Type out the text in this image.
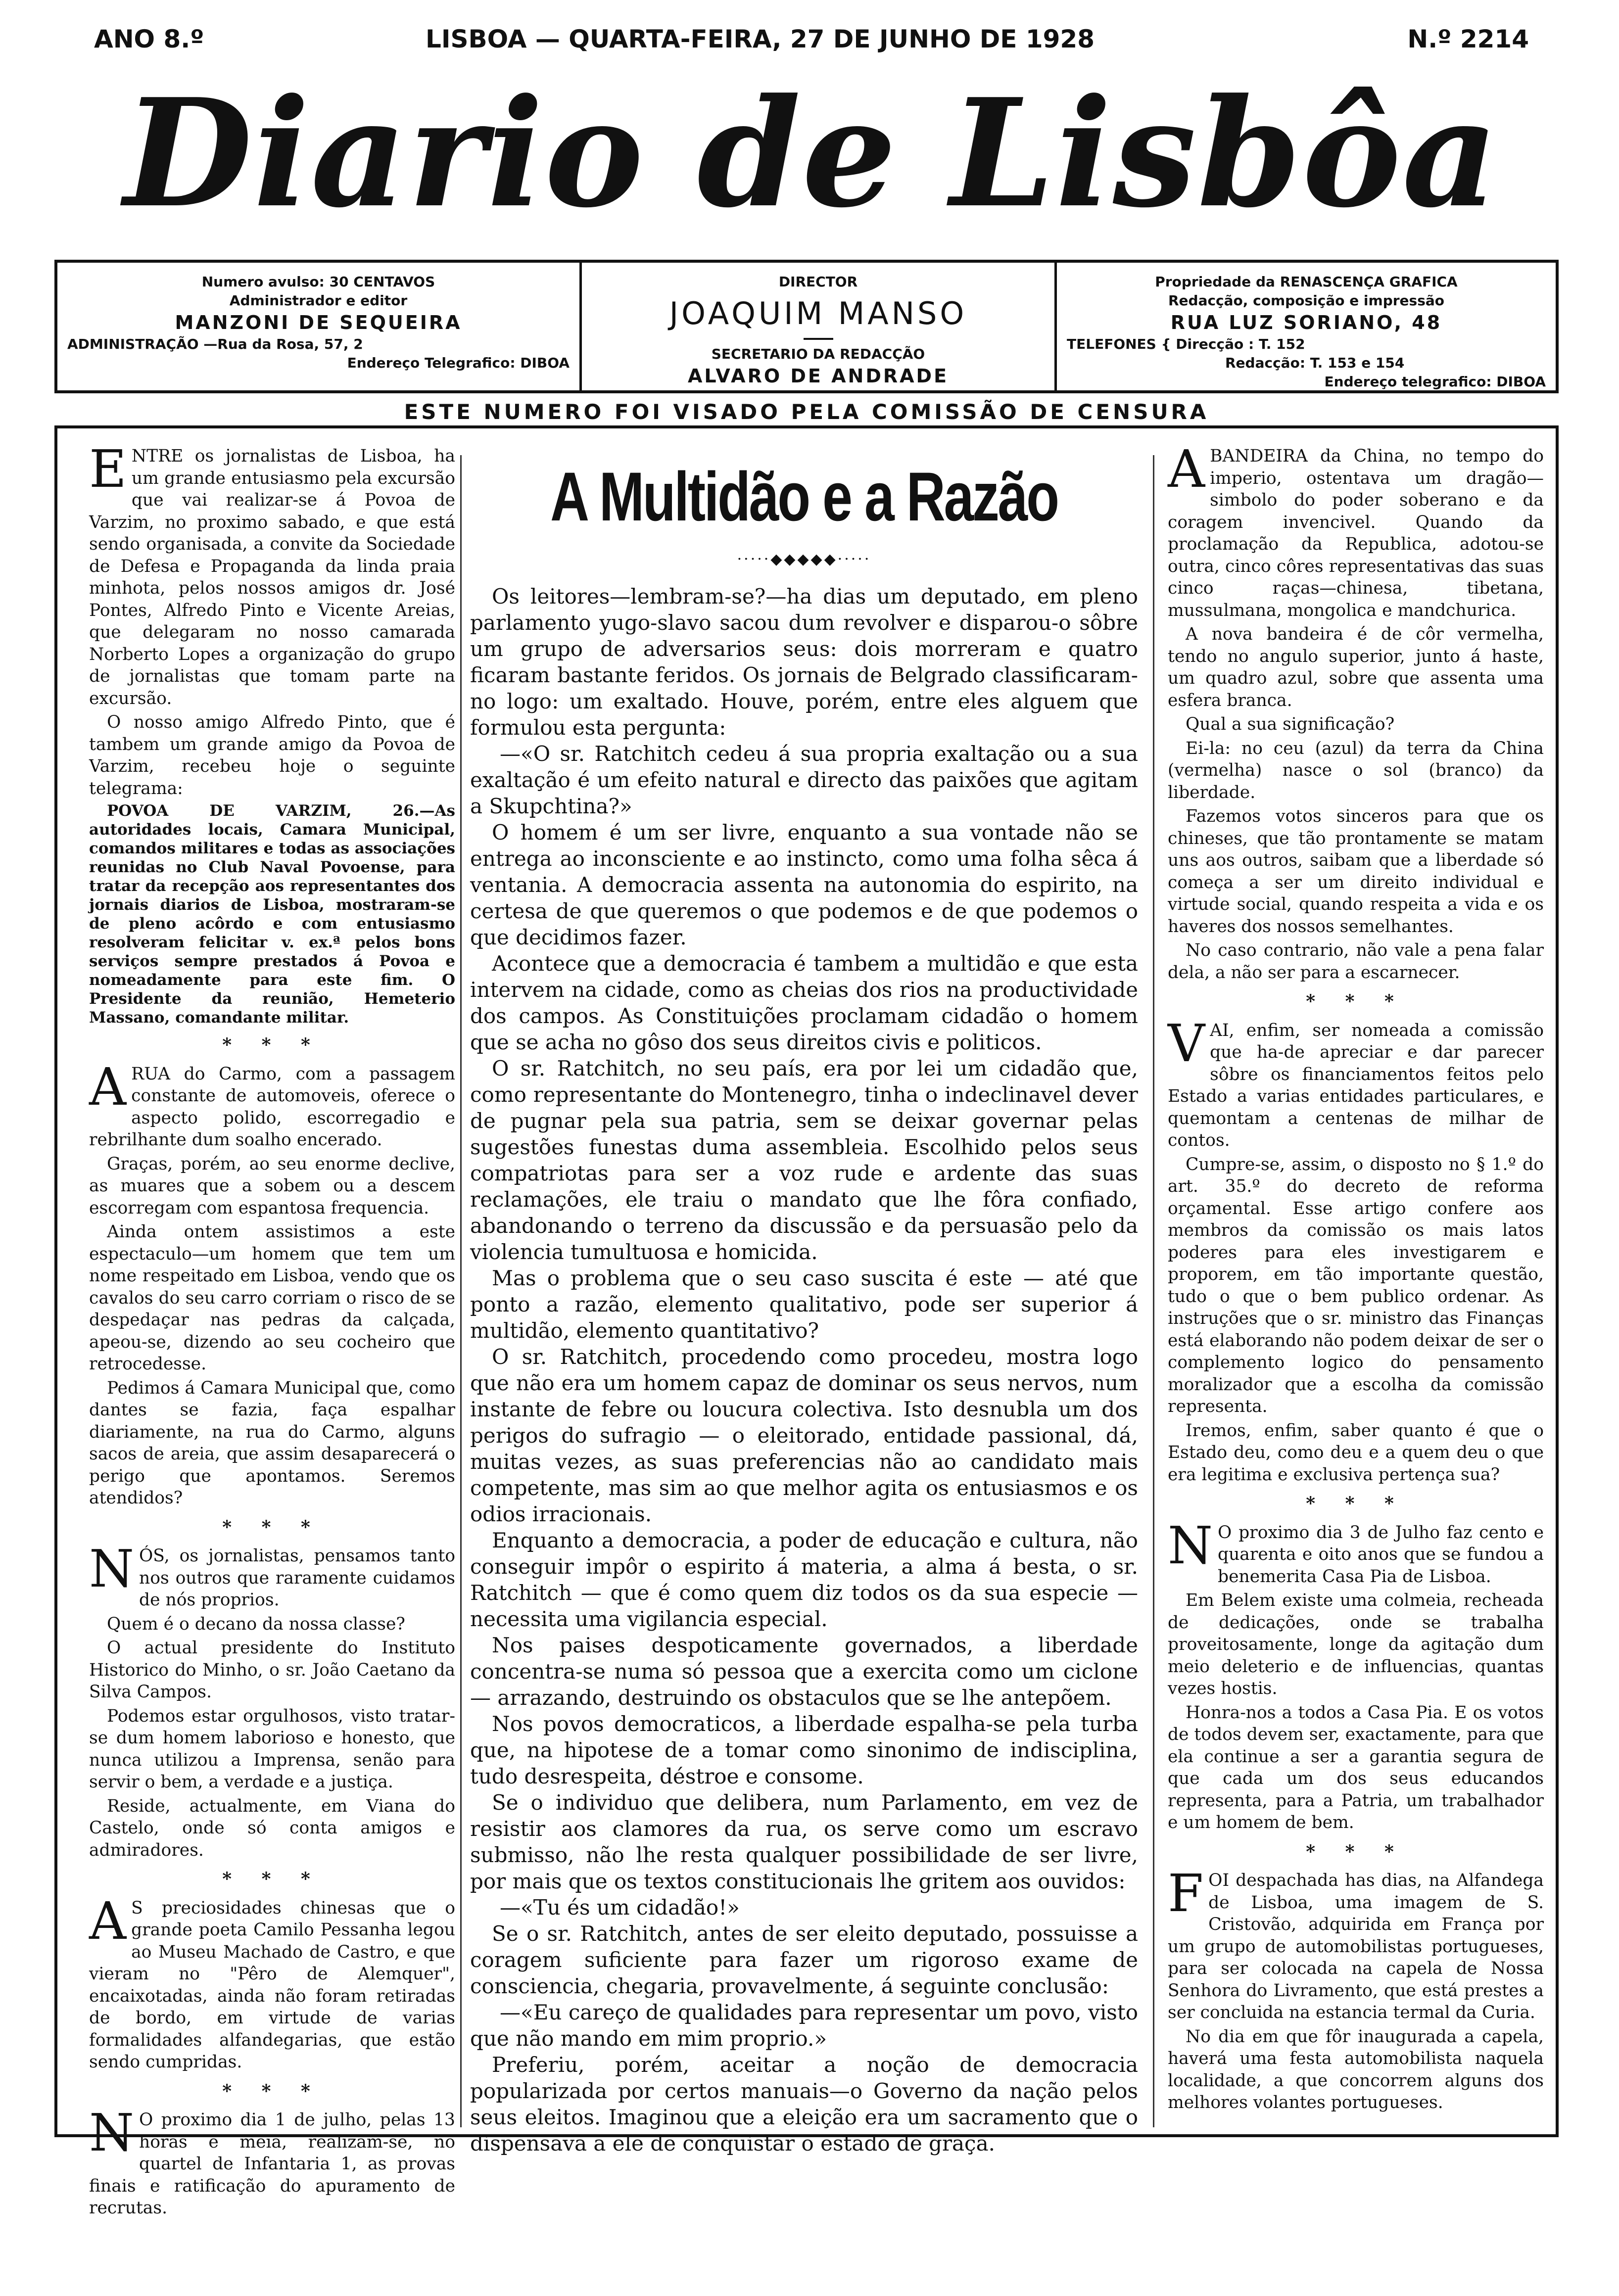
ANO 8.º	LISBOA — QUARTA-FEIRA, 27 DE JUNHO DE 1928	N.º 2214
Diario de Lisbôa
Numero avulso: 30 CENTAVOS
Administrador e editor
MANZONI DE SEQUEIRA
ADMINISTRAÇÃO —Rua da Rosa, 57, 2
Endereço Telegrafico: DIBOA
DIRECTOR
JOAQUIM MANSO
SECRETARIO DA REDACÇÃO
ALVARO DE ANDRADE
Propriedade da RENASCENÇA GRAFICA
Redacção, composição e impressão
RUA LUZ SORIANO, 48
TELEFONES { Direcção : T. 152
Redacção: T. 153 e 154
Endereço telegrafico: DIBOA
ESTE NUMERO FOI VISADO PELA COMISSÃO DE CENSURA

ENTRE os jornalistas de Lisboa, ha um grande entusiasmo pela excursão que vai realizar-se á Povoa de Varzim, no proximo sabado, e que está sendo organisada, a convite da Sociedade de Defesa e Propaganda da linda praia minhota, pelos nossos amigos dr. José Pontes, Alfredo Pinto e Vicente Areias, que delegaram no nosso camarada Norberto Lopes a organização do grupo de jornalistas que tomam parte na excursão.

O nosso amigo Alfredo Pinto, que é tambem um grande amigo da Povoa de Varzim, recebeu hoje o seguinte telegrama:

POVOA DE VARZIM, 26.—As autoridades locais, Camara Municipal, comandos militares e todas as associações reunidas no Club Naval Povoense, para tratar da recepção aos representantes dos jornais diarios de Lisboa, mostraram-se de pleno acôrdo e com entusiasmo resolveram felicitar v. ex.ª pelos bons serviços sempre prestados á Povoa e nomeadamente para este fim. O Presidente da reunião, Hemeterio Massano, comandante militar.

* * *

ARUA do Carmo, com a passagem constante de automoveis, oferece o aspecto polido, escorregadio e rebrilhante dum soalho encerado.

Graças, porém, ao seu enorme declive, as muares que a sobem ou a descem escorregam com espantosa frequencia.

Ainda ontem assistimos a este espectaculo—um homem que tem um nome respeitado em Lisboa, vendo que os cavalos do seu carro corriam o risco de se despedaçar nas pedras da calçada, apeou-se, dizendo ao seu cocheiro que retrocedesse.

Pedimos á Camara Municipal que, como dantes se fazia, faça espalhar diariamente, na rua do Carmo, alguns sacos de areia, que assim desaparecerá o perigo que apontamos. Seremos atendidos?

* * *

NÓS, os jornalistas, pensamos tanto nos outros que raramente cuidamos de nós proprios.

Quem é o decano da nossa classe?

O actual presidente do Instituto Historico do Minho, o sr. João Caetano da Silva Campos.

Podemos estar orgulhosos, visto tratar-se dum homem laborioso e honesto, que nunca utilizou a Imprensa, senão para servir o bem, a verdade e a justiça.

Reside, actualmente, em Viana do Castelo, onde só conta amigos e admiradores.

* * *

A S preciosidades chinesas que o grande poeta Camilo Pessanha legou ao Museu Machado de Castro, e que vieram no "Pêro de Alemquer", encaixotadas, ainda não foram retiradas de bordo, em virtude de varias formalidades alfandegarias, que estão sendo cumpridas.

* * *

N O proximo dia 1 de julho, pelas 13 horas e meia, realizam-se, no quartel de Infantaria 1, as provas finais e ratificação do apuramento de recrutas.

A Multidão e a Razão
·····◆◆◆◆◆·····

Os leitores—lembram-se?—ha dias um deputado, em pleno parlamento yugo-slavo sacou dum revolver e disparou-o sôbre um grupo de adversarios seus: dois morreram e quatro ficaram bastante feridos. Os jornais de Belgrado classificaram-no logo: um exaltado. Houve, porém, entre eles alguem que formulou esta pergunta:

—«O sr. Ratchitch cedeu á sua propria exaltação ou a sua exaltação é um efeito natural e directo das paixões que agitam a Skupchtina?»

O homem é um ser livre, enquanto a sua vontade não se entrega ao inconsciente e ao instincto, como uma folha sêca á ventania. A democracia assenta na autonomia do espirito, na certesa de que queremos o que podemos e de que podemos o que decidimos fazer.

Acontece que a democracia é tambem a multidão e que esta intervem na cidade, como as cheias dos rios na productividade dos campos. As Constituições proclamam cidadão o homem que se acha no gôso dos seus direitos civis e politicos.

O sr. Ratchitch, no seu país, era por lei um cidadão que, como representante do Montenegro, tinha o indeclinavel dever de pugnar pela sua patria, sem se deixar governar pelas sugestões funestas duma assembleia. Escolhido pelos seus compatriotas para ser a voz rude e ardente das suas reclamações, ele traiu o mandato que lhe fôra confiado, abandonando o terreno da discussão e da persuasão pelo da violencia tumultuosa e homicida.

Mas o problema que o seu caso suscita é este — até que ponto a razão, elemento qualitativo, pode ser superior á multidão, elemento quantitativo?

O sr. Ratchitch, procedendo como procedeu, mostra logo que não era um homem capaz de dominar os seus nervos, num instante de febre ou loucura colectiva. Isto desnubla um dos perigos do sufragio — o eleitorado, entidade passional, dá, muitas vezes, as suas preferencias não ao candidato mais competente, mas sim ao que melhor agita os entusiasmos e os odios irracionais.

Enquanto a democracia, a poder de educação e cultura, não conseguir impôr o espirito á materia, a alma á besta, o sr. Ratchitch — que é como quem diz todos os da sua especie — necessita uma vigilancia especial.

Nos paises despoticamente governados, a liberdade concentra-se numa só pessoa que a exercita como um ciclone — arrazando, destruindo os obstaculos que se lhe antepõem.

Nos povos democraticos, a liberdade espalha-se pela turba que, na hipotese de a tomar como sinonimo de indisciplina, tudo desrespeita, déstroe e consome.

Se o individuo que delibera, num Parlamento, em vez de resistir aos clamores da rua, os serve como um escravo submisso, não lhe resta qualquer possibilidade de ser livre, por mais que os textos constitucionais lhe gritem aos ouvidos:

—«Tu és um cidadão!»

Se o sr. Ratchitch, antes de ser eleito deputado, possuisse a coragem suficiente para fazer um rigoroso exame de consciencia, chegaria, provavelmente, á seguinte conclusão:

—«Eu careço de qualidades para representar um povo, visto que não mando em mim proprio.»

Preferiu, porém, aceitar a noção de democracia popularizada por certos manuais—o Governo da nação pelos seus eleitos. Imaginou que a eleição era um sacramento que o dispensava a ele de conquistar o estado de graça.

ABANDEIRA da China, no tempo do imperio, ostentava um dragão—simbolo do poder soberano e da coragem invencivel. Quando da proclamação da Republica, adotou-se outra, cinco côres representativas das suas cinco raças—chinesa, tibetana, mussulmana, mongolica e mandchurica.

A nova bandeira é de côr vermelha, tendo no angulo superior, junto á haste, um quadro azul, sobre que assenta uma esfera branca.

Qual a sua significação?

Ei-la: no ceu (azul) da terra da China (vermelha) nasce o sol (branco) da liberdade.

Fazemos votos sinceros para que os chineses, que tão prontamente se matam uns aos outros, saibam que a liberdade só começa a ser um direito individual e virtude social, quando respeita a vida e os haveres dos nossos semelhantes.

No caso contrario, não vale a pena falar dela, a não ser para a escarnecer.

* * *

VAI, enfim, ser nomeada a comissão que ha-de apreciar e dar parecer sôbre os financiamentos feitos pelo Estado a varias entidades particulares, e quemontam a centenas de milhar de contos.

Cumpre-se, assim, o disposto no § 1.º do art. 35.º do decreto de reforma orçamental. Esse artigo confere aos membros da comissão os mais latos poderes para eles investigarem e proporem, em tão importante questão, tudo o que o bem publico ordenar. As instruções que o sr. ministro das Finanças está elaborando não podem deixar de ser o complemento logico do pensamento moralizador que a escolha da comissão representa.

Iremos, enfim, saber quanto é que o Estado deu, como deu e a quem deu o que era legitima e exclusiva pertença sua?

* * *

N O proximo dia 3 de Julho faz cento e quarenta e oito anos que se fundou a benemerita Casa Pia de Lisboa.

Em Belem existe uma colmeia, recheada de dedicações, onde se trabalha proveitosamente, longe da agitação dum meio deleterio e de influencias, quantas vezes hostis.

Honra-nos a todos a Casa Pia. E os votos de todos devem ser, exactamente, para que ela continue a ser a garantia segura de que cada um dos seus educandos representa, para a Patria, um trabalhador e um homem de bem.

* * *

FOI despachada has dias, na Alfandega de Lisboa, uma imagem de S. Cristovão, adquirida em França por um grupo de automobilistas portugueses, para ser colocada na capela de Nossa Senhora do Livramento, que está prestes a ser concluida na estancia termal da Curia.

No dia em que fôr inaugurada a capela, haverá uma festa automobilista naquela localidade, a que concorrem alguns dos melhores volantes portugueses.
